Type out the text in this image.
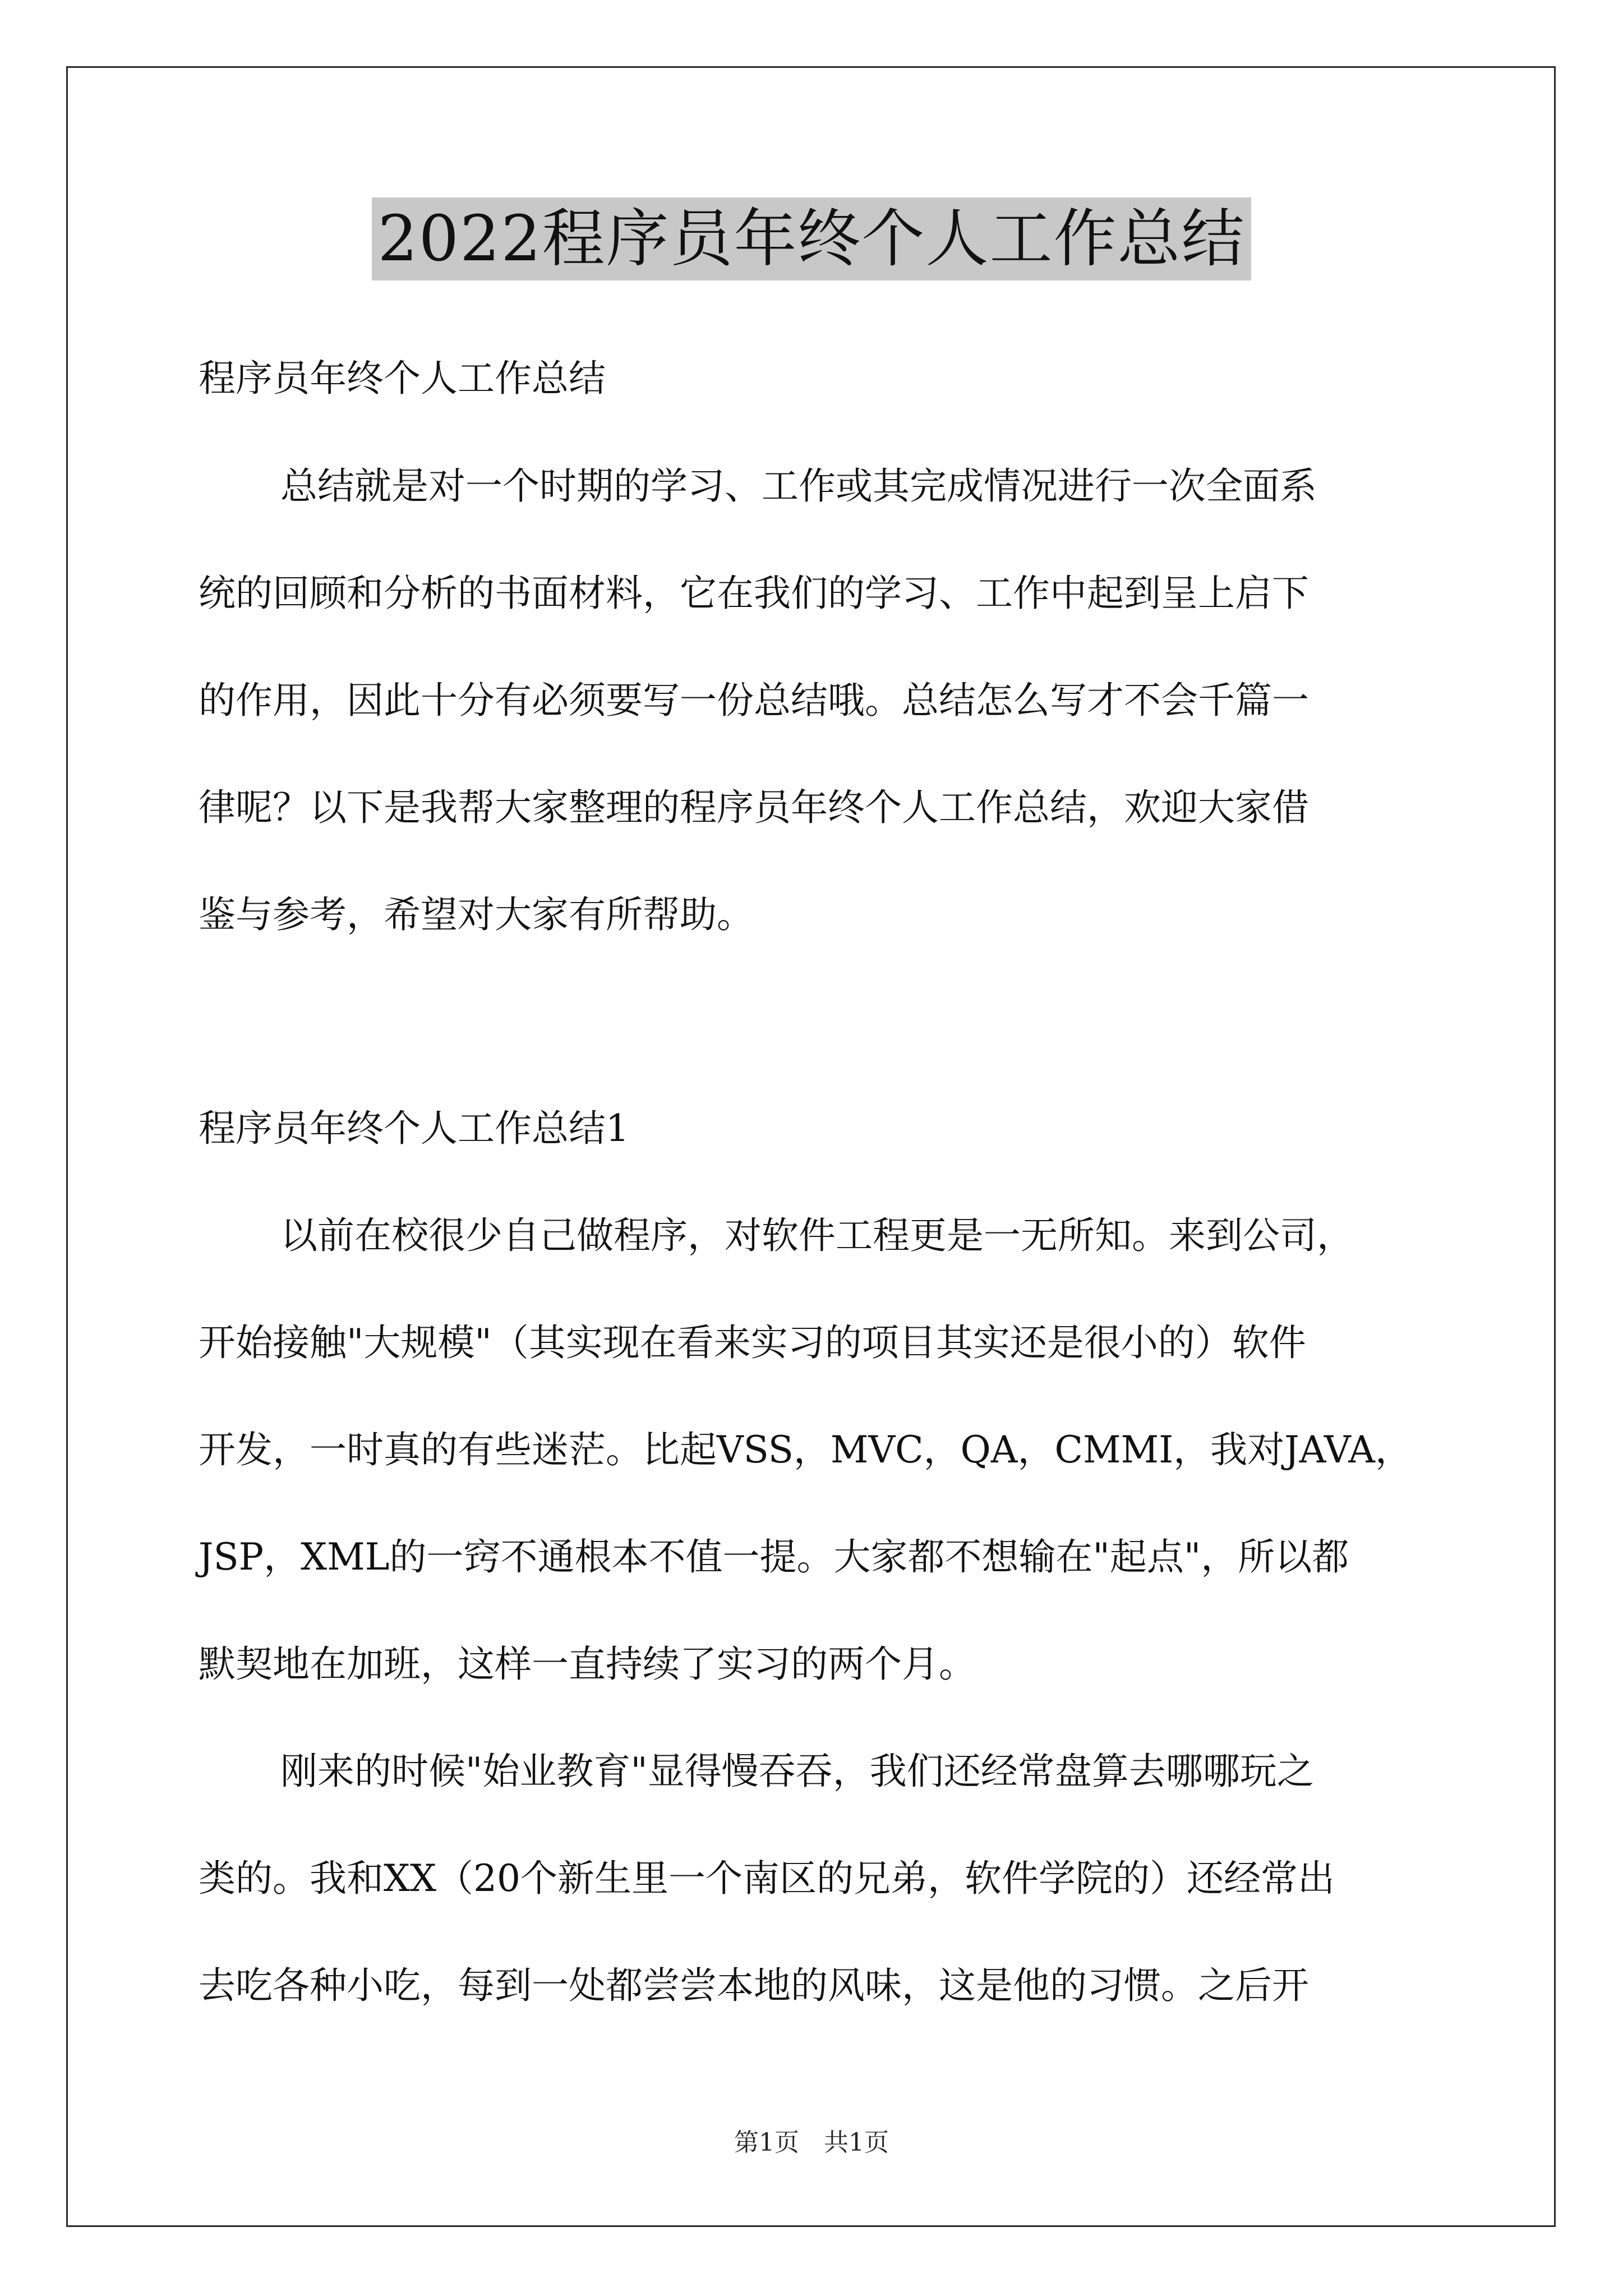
2022程序员年终个人工作总结
程序员年终个人工作总结
总结就是对一个时期的学习、工作或其完成情况进行一次全面系
统的回顾和分析的书面材料，它在我们的学习、工作中起到呈上启下
的作用，因此十分有必须要写一份总结哦。总结怎么写才不会千篇一
律呢？以下是我帮大家整理的程序员年终个人工作总结，欢迎大家借
鉴与参考，希望对大家有所帮助。
程序员年终个人工作总结1
以前在校很少自己做程序，对软件工程更是一无所知。来到公司，
开始接触"大规模"（其实现在看来实习的项目其实还是很小的）软件
开发，一时真的有些迷茫。比起VSS，MVC，QA，CMMI，我对JAVA，
JSP，XML的一窍不通根本不值一提。大家都不想输在"起点"，所以都
默契地在加班，这样一直持续了实习的两个月。
刚来的时候"始业教育"显得慢吞吞，我们还经常盘算去哪哪玩之
类的。我和XX（20个新生里一个南区的兄弟，软件学院的）还经常出
去吃各种小吃，每到一处都尝尝本地的风味，这是他的习惯。之后开
第1页　共1页
